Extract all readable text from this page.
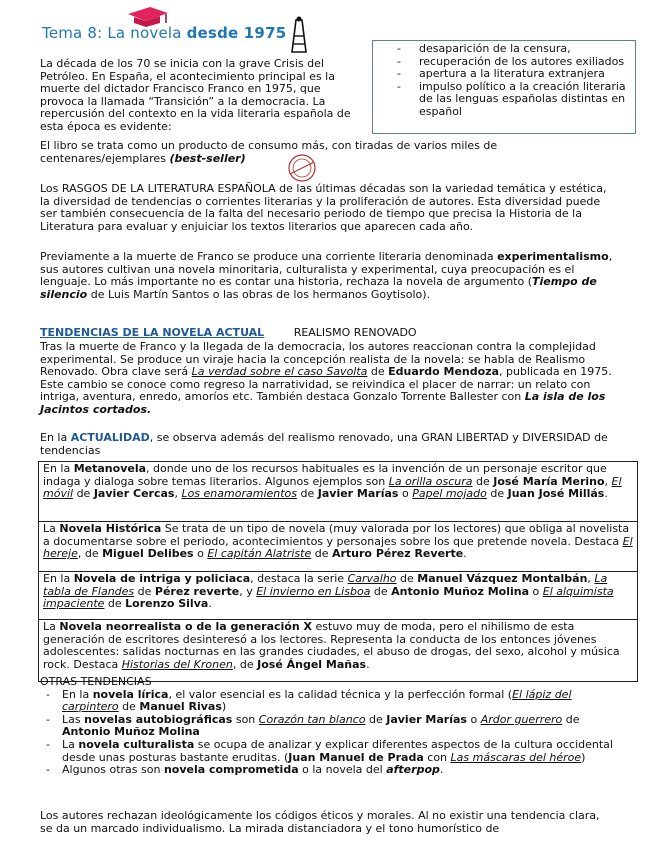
Tema 8: La novela desde 1975
- desaparición de la censura,
- recuperación de los autores exiliados
- apertura a la literatura extranjera
- impulso político a la creación literaria de las lenguas españolas distintas en español

La década de los 70 se inicia con la grave Crisis del Petróleo. En España, el acontecimiento principal es la muerte del dictador Francisco Franco en 1975, que provoca la llamada “Transición” a la democracia. La repercusión del contexto en la vida literaria española de esta época es evidente:

El libro se trata como un producto de consumo más, con tiradas de varios miles de centenares/ejemplares (best-seller)

Los RASGOS DE LA LITERATURA ESPAÑOLA de las últimas décadas son la variedad temática y estética, la diversidad de tendencias o corrientes literarias y la proliferación de autores. Esta diversidad puede ser también consecuencia de la falta del necesario periodo de tiempo que precisa la Historia de la Literatura para evaluar y enjuiciar los textos literarios que aparecen cada año.

Previamente a la muerte de Franco se produce una corriente literaria denominada experimentalismo, sus autores cultivan una novela minoritaria, culturalista y experimental, cuya preocupación es el lenguaje. Lo más importante no es contar una historia, rechaza la novela de argumento (Tiempo de silencio de Luis Martín Santos o las obras de los hermanos Goytisolo).

TENDENCIAS DE LA NOVELA ACTUAL	REALISMO RENOVADO

Tras la muerte de Franco y la llegada de la democracia, los autores reaccionan contra la complejidad experimental. Se produce un viraje hacia la concepción realista de la novela: se habla de Realismo Renovado. Obra clave será La verdad sobre el caso Savolta de Eduardo Mendoza, publicada en 1975. Este cambio se conoce como regreso la narratividad, se reivindica el placer de narrar: un relato con intriga, aventura, enredo, amoríos etc. También destaca Gonzalo Torrente Ballester con La isla de los Jacintos cortados.

En la ACTUALIDAD, se observa además del realismo renovado, una GRAN LIBERTAD y DIVERSIDAD de tendencias

En la Metanovela, donde uno de los recursos habituales es la invención de un personaje escritor que indaga y dialoga sobre temas literarios. Algunos ejemplos son La orilla oscura de José María Merino, El móvil de Javier Cercas, Los enamoramientos de Javier Marías o Papel mojado de Juan José Millás.
La Novela Histórica Se trata de un tipo de novela (muy valorada por los lectores) que obliga al novelista a documentarse sobre el periodo, acontecimientos y personajes sobre los que pretende novela. Destaca El hereje, de Miguel Delibes o El capitán Alatriste de Arturo Pérez Reverte.
En la Novela de intriga y policiaca, destaca la serie Carvalho de Manuel Vázquez Montalbán, La tabla de Flandes de Pérez reverte, y El invierno en Lisboa de Antonio Muñoz Molina o El alquimista impaciente de Lorenzo Silva.
La Novela neorrealista o de la generación X estuvo muy de moda, pero el nihilismo de esta generación de escritores desinteresó a los lectores. Representa la conducta de los entonces jóvenes adolescentes: salidas nocturnas en las grandes ciudades, el abuso de drogas, del sexo, alcohol y música rock. Destaca Historias del Kronen, de José Ángel Mañas.
OTRAS TENDENCIAS
- En la novela lírica, el valor esencial es la calidad técnica y la perfección formal (El lápiz del carpintero de Manuel Rivas)
- Las novelas autobiográficas son Corazón tan blanco de Javier Marías o Ardor guerrero de Antonio Muñoz Molina
- La novela culturalista se ocupa de analizar y explicar diferentes aspectos de la cultura occidental desde unas posturas bastante eruditas. (Juan Manuel de Prada con Las máscaras del héroe)
- Algunos otras son novela comprometida o la novela del afterpop.

Los autores rechazan ideológicamente los códigos éticos y morales. Al no existir una tendencia clara, se da un marcado individualismo. La mirada distanciadora y el tono humorístico de
